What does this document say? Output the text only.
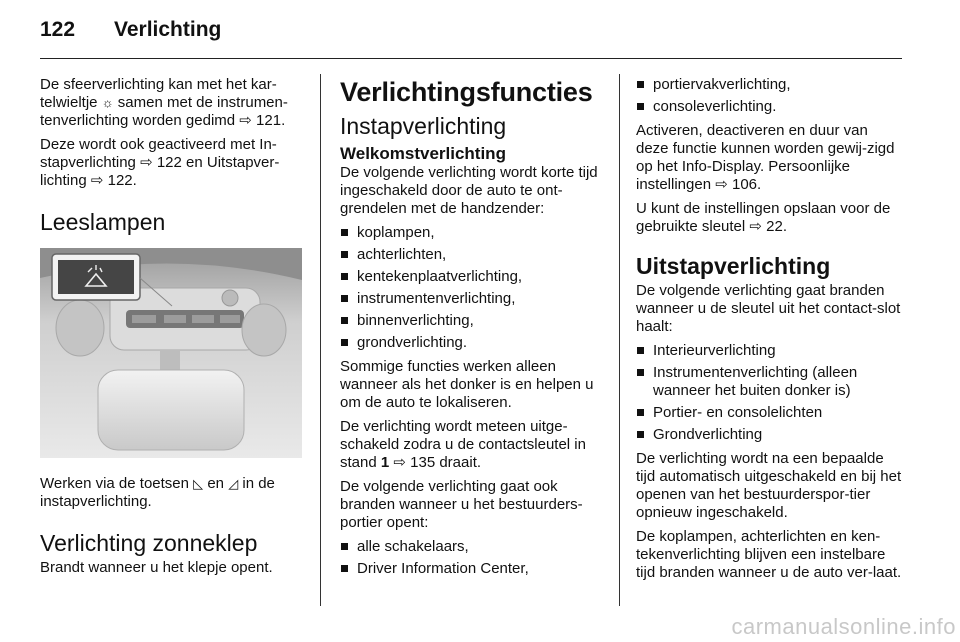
122 Verlichting

De sfeerverlichting kan met het kar-telwieltje ☼ samen met de instrumen-tenverlichting worden gedimd ⇨ 121.

Deze wordt ook geactiveerd met In-stapverlichting ⇨ 122 en Uitstapver-lichting ⇨ 122.

Leeslampen

Werken via de toetsen ◺ en ◿ in de instapverlichting.

Verlichting zonneklep

Brandt wanneer u het klepje opent.

Verlichtingsfuncties
Instapverlichting
Welkomstverlichting

De volgende verlichting wordt korte tijd ingeschakeld door de auto te ont-grendelen met de handzender:

koplampen,
achterlichten,
kentekenplaatverlichting,
instrumentenverlichting,
binnenverlichting,
grondverlichting.

Sommige functies werken alleen wanneer als het donker is en helpen u om de auto te lokaliseren.

De verlichting wordt meteen uitge-schakeld zodra u de contactsleutel in stand 1 ⇨ 135 draait.

De volgende verlichting gaat ook branden wanneer u het bestuurders-portier opent:

alle schakelaars,
Driver Information Center,
portiervakverlichting,
consoleverlichting.

Activeren, deactiveren en duur van deze functie kunnen worden gewij-zigd op het Info-Display. Persoonlijke instellingen ⇨ 106.

U kunt de instellingen opslaan voor de gebruikte sleutel ⇨ 22.

Uitstapverlichting

De volgende verlichting gaat branden wanneer u de sleutel uit het contact-slot haalt:

Interieurverlichting
Instrumentenverlichting (alleen wanneer het buiten donker is)
Portier- en consolelichten
Grondverlichting

De verlichting wordt na een bepaalde tijd automatisch uitgeschakeld en bij het openen van het bestuurderspor-tier opnieuw ingeschakeld.

De koplampen, achterlichten en ken-tekenverlichting blijven een instelbare tijd branden wanneer u de auto ver-laat.

carmanualsonline.info
